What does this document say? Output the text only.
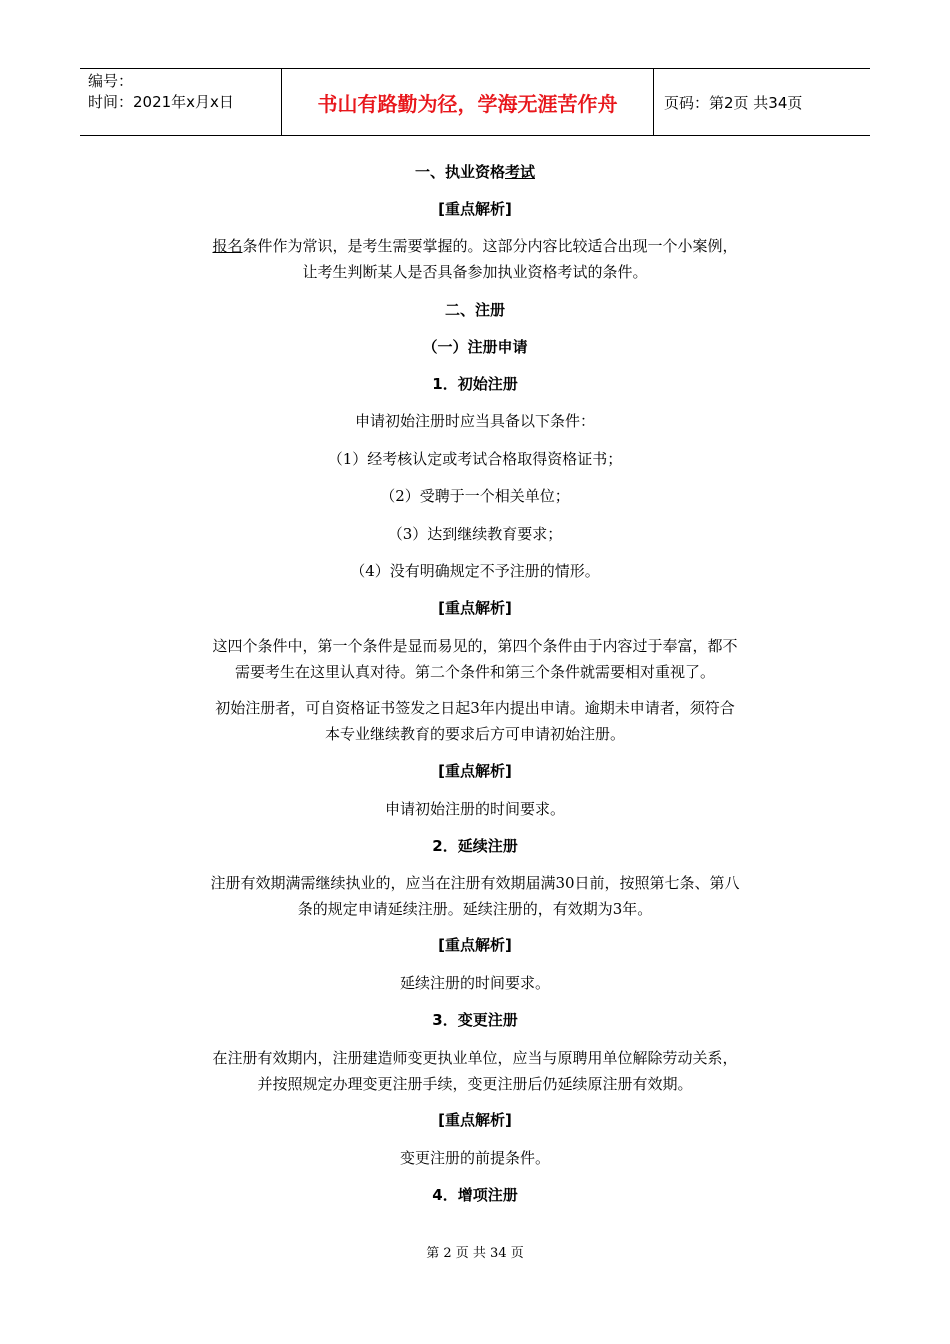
编号：
时间：2021年x月x日	书山有路勤为径，学海无涯苦作舟	页码：第2页 共34页
一、执业资格考试
[重点解析]
报名条件作为常识，是考生需要掌握的。这部分内容比较适合出现一个小案例，
让考生判断某人是否具备参加执业资格考试的条件。
二、注册
（一）注册申请
1．初始注册
申请初始注册时应当具备以下条件：
（1）经考核认定或考试合格取得资格证书；
（2）受聘于一个相关单位；
（3）达到继续教育要求；
（4）没有明确规定不予注册的情形。
[重点解析]
这四个条件中，第一个条件是显而易见的，第四个条件由于内容过于奉富，都不
需要考生在这里认真对待。第二个条件和第三个条件就需要相对重视了。
初始注册者，可自资格证书签发之日起3年内提出申请。逾期未申请者，须符合
本专业继续教育的要求后方可申请初始注册。
[重点解析]
申请初始注册的时间要求。
2．延续注册
注册有效期满需继续执业的，应当在注册有效期届满30日前，按照第七条、第八
条的规定申请延续注册。延续注册的，有效期为3年。
[重点解析]
延续注册的时间要求。
3．变更注册
在注册有效期内，注册建造师变更执业单位，应当与原聘用单位解除劳动关系，
并按照规定办理变更注册手续，变更注册后仍延续原注册有效期。
[重点解析]
变更注册的前提条件。
4．增项注册
第 2 页 共 34 页
